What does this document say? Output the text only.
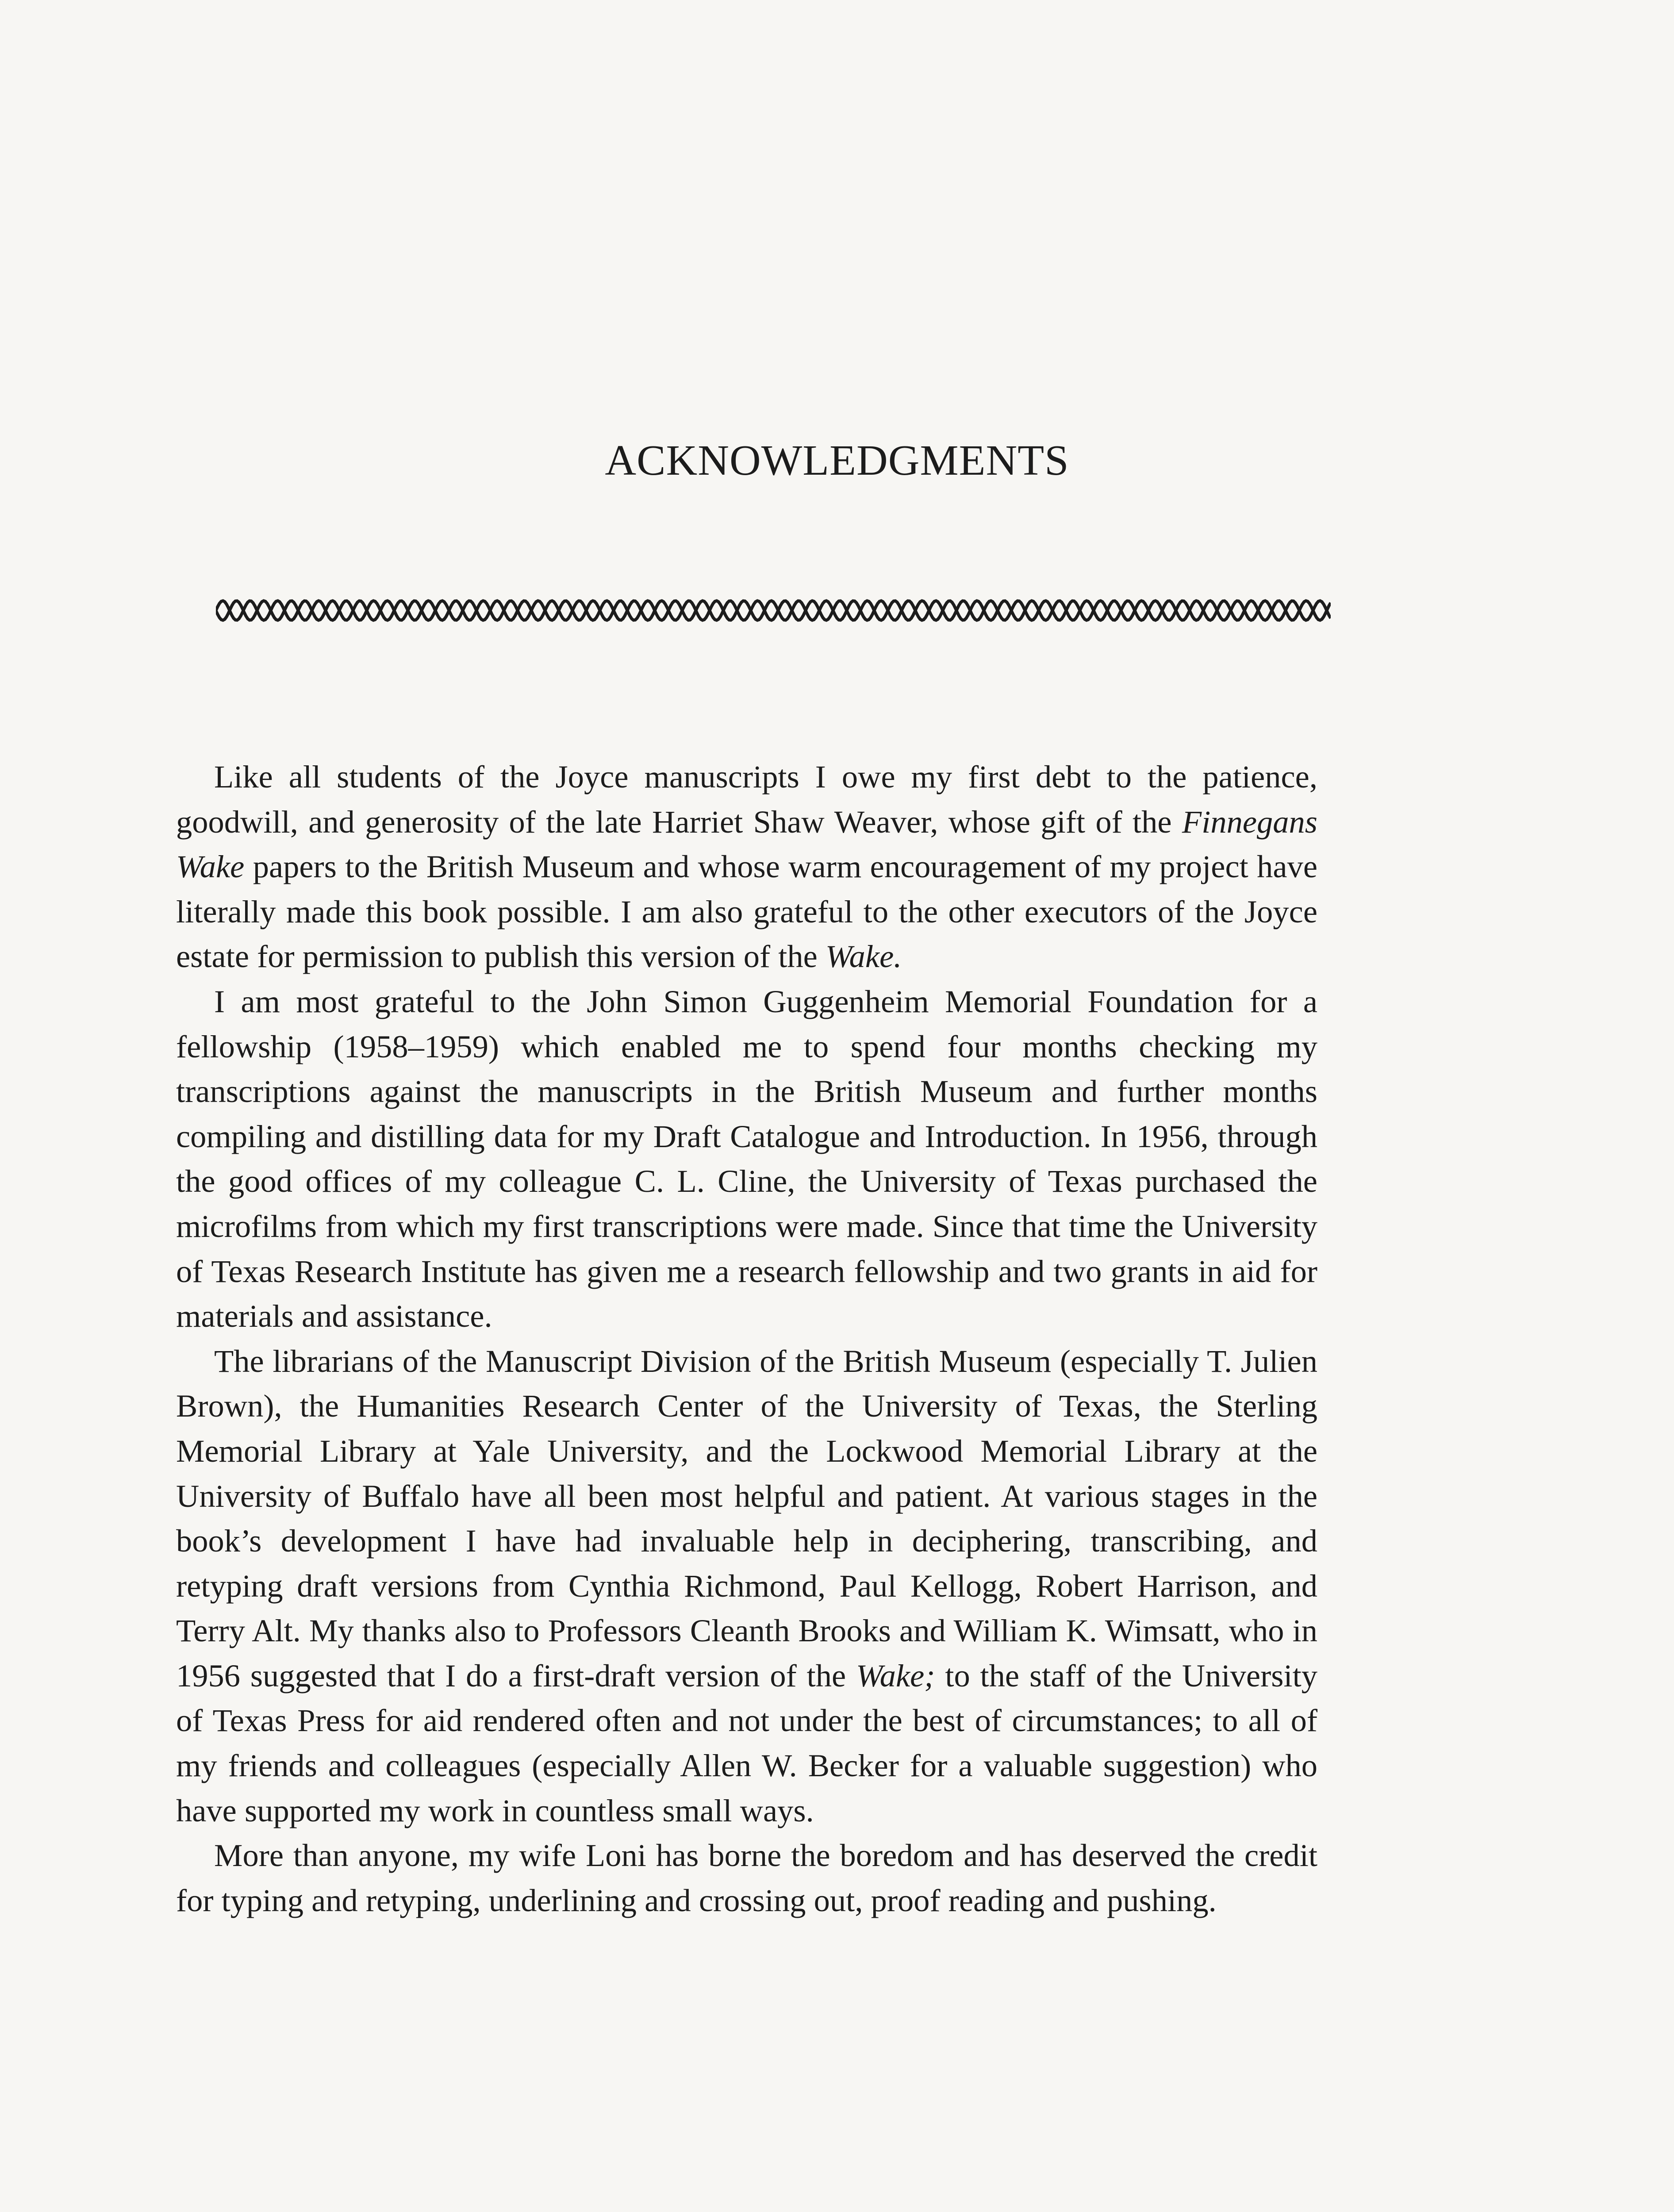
ACKNOWLEDGMENTS

Like all students of the Joyce manuscripts I owe my first debt to the patience, goodwill, and generosity of the late Harriet Shaw Weaver, whose gift of the Finnegans Wake papers to the British Museum and whose warm encouragement of my project have literally made this book possible. I am also grateful to the other executors of the Joyce estate for permission to publish this version of the Wake.

I am most grateful to the John Simon Guggenheim Memorial Foundation for a fellowship (1958–1959) which enabled me to spend four months checking my transcriptions against the manuscripts in the British Museum and further months compiling and distilling data for my Draft Catalogue and Introduction. In 1956, through the good offices of my colleague C. L. Cline, the University of Texas purchased the microfilms from which my first transcriptions were made. Since that time the University of Texas Research Institute has given me a research fellowship and two grants in aid for materials and assistance.

The librarians of the Manuscript Division of the British Museum (especially T. Julien Brown), the Humanities Research Center of the University of Texas, the Sterling Memorial Library at Yale University, and the Lockwood Memorial Library at the University of Buffalo have all been most helpful and patient. At various stages in the book’s development I have had invaluable help in deciphering, transcribing, and retyping draft versions from Cynthia Richmond, Paul Kellogg, Robert Harrison, and Terry Alt. My thanks also to Professors Cleanth Brooks and William K. Wimsatt, who in 1956 suggested that I do a first-draft version of the Wake; to the staff of the University of Texas Press for aid rendered often and not under the best of circumstances; to all of my friends and colleagues (especially Allen W. Becker for a valuable suggestion) who have supported my work in countless small ways.

More than anyone, my wife Loni has borne the boredom and has deserved the credit for typing and retyping, underlining and crossing out, proof reading and pushing.
